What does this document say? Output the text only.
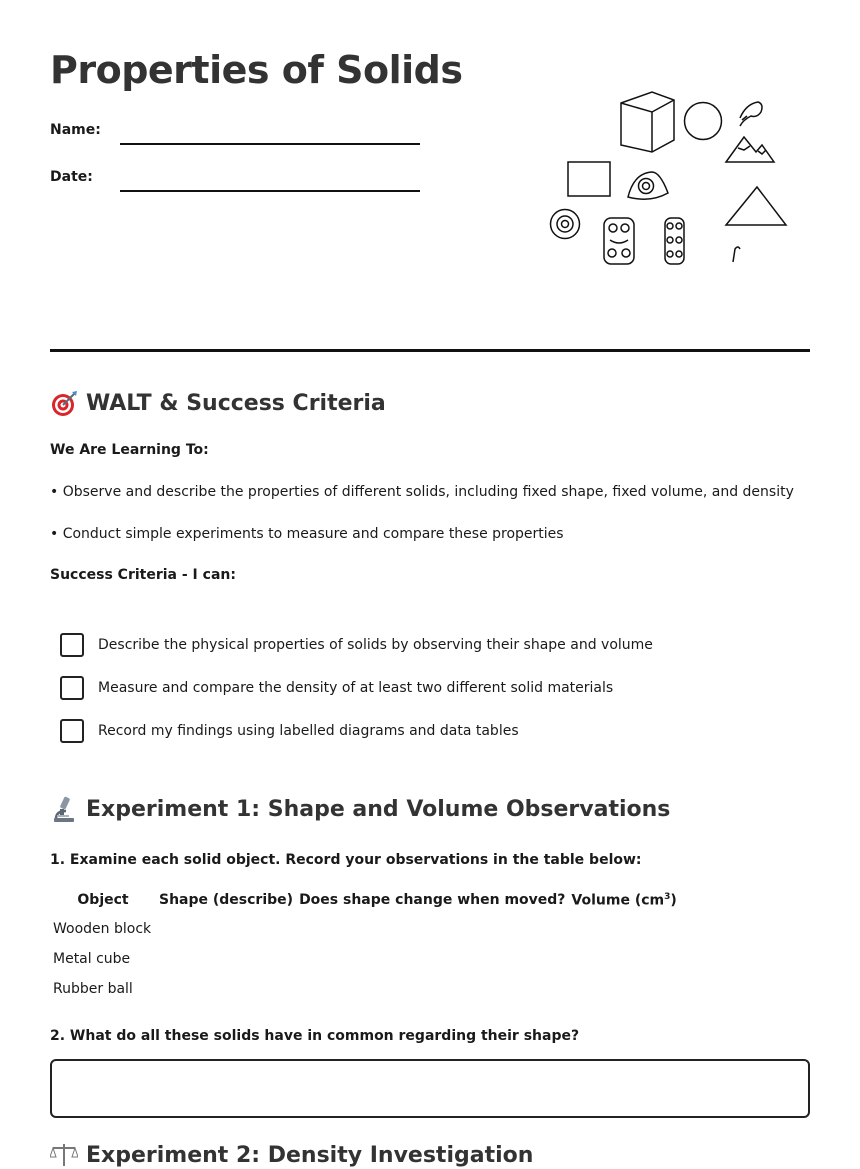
Properties of Solids
Name:
Date:
WALT & Success Criteria

We Are Learning To:

• Observe and describe the properties of different solids, including fixed shape, fixed volume, and density

• Conduct simple experiments to measure and compare these properties

Success Criteria - I can:

Describe the physical properties of solids by observing their shape and volume
Measure and compare the density of at least two different solid materials
Record my findings using labelled diagrams and data tables
Experiment 1: Shape and Volume Observations

1. Examine each solid object. Record your observations in the table below:

Object	Shape (describe)	Does shape change when moved?	Volume $(cm^3)$
Wooden block			
Metal cube			
Rubber ball			

2. What do all these solids have in common regarding their shape?

Experiment 2: Density Investigation
